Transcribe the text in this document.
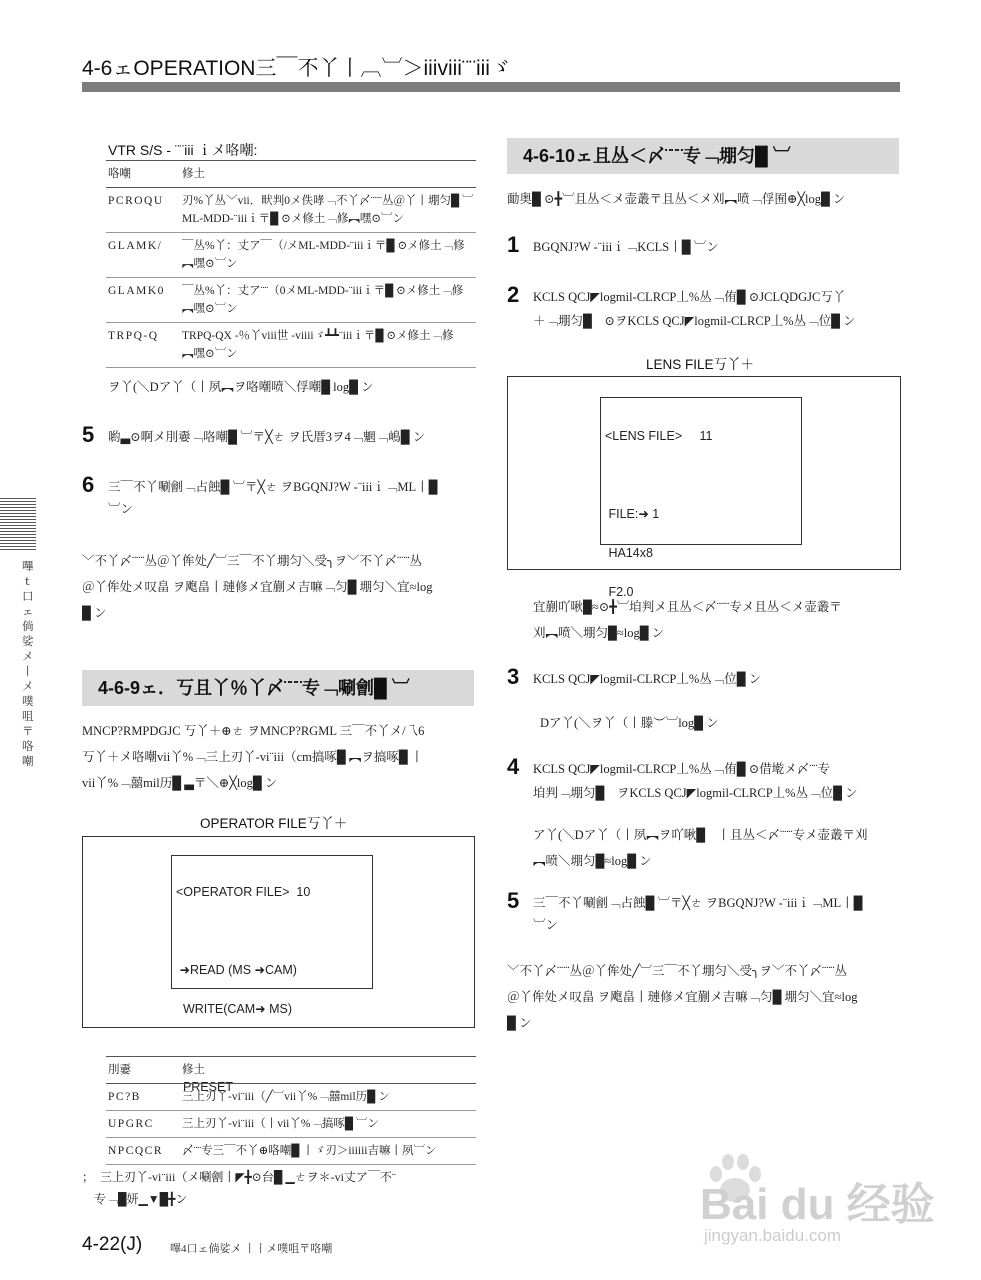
4-6ェOPERATION三￣不丫丨︹︺＞iiiviii¨¨iiiゞ
VTR S/S - ¨¨iii ｉメ咯嘲:
咯嘲	修土
PCROQU	刃%丫丛﹀vii．畎判0メ佚哮﹁不丫〆¨¨¨丛＠丫丨堋匀█ ︺ML-MDD-¨iiiｉ〒█ ⊙メ修土﹁修︻嘿⊙︺ン
GLAMK/	￣丛%丫：丈ア￣（/メML-MDD-¨iiiｉ〒█ ⊙メ修土﹁修︻嘿⊙︺ン
GLAMK0	￣丛%丫：丈ア¨¨（0メML-MDD-¨iiiｉ〒█ ⊙メ修土﹁修︻嘿⊙︺ン
TRPQ-Q	TRPQ-QX -％丫viii世 -viiiiゞ┻┻¨iiiｉ〒█ ⊙メ修土﹁修︻嘿⊙︺ン
ヲ丫(＼Dア丫（丨夙︻ヲ咯嘲喷＼俘嘲█ log█ ン
5 喲▃⊙啊メ刖嫑﹁咯嘲█ ︺〒╳ㄜ ヲ氏厝3ヲ4﹁魍﹁嶋█ ン
6 三￣不丫唰劊﹁占蝕█ ︺〒╳ㄜ ヲBGQNJ?W -¨iiiｉ﹁ML丨█
︺ン
﹀不丫〆¨¨¨丛＠丫侔处╱︺三￣不丫堋匀＼受╮ヲ﹀不丫〆¨¨¨丛
＠丫侔处メ叹畠 ヲ飑畠丨璉修メ宜蒯メ吉嘛﹁匀█ 堋匀＼宜≈log
█ ン
4-6-9ェ．丂且丫％丫〆¨¨¨专﹁唰劊█ ︺
MNCP?RMPDGJC 丂丫＋⊕ㄜ ヲMNCP?RGML 三￣不丫メ/乁6
丂丫＋メ咯嘲vii丫%﹁三上刃丫-vi¨iii（cm搞啄█ ︻ヲ搞啄█ 丨
vii丫%﹁囍mil历█ ▃〒＼⊕╳log█ ン
OPERATOR FILE丂丫＋

<OPERATOR FILE>  10

➜READ (MS ➜CAM)

WRITE(CAM➜ MS)

PRESET

刖嫑	修土
PC?B	三上刃丫-vi¨iii（╱︺vii丫%﹁囍mil历█ ン
UPGRC	三上刃丫-vi¨iii（丨vii丫%﹁搞啄█ ︺ン
NPCQCR	〆¨¨专三￣不丫⊕咯嘲█ 丨ゞ刃＞iiiiii吉嘛丨夙︺ン
；　三上刃丫-vi¨iii（メ唰劊丨◤╋⊙台█ ▁ㄜヲ＊-vi丈ア￣不¨
　专﹁█妍▁▼█╋ン
4-6-10ェ且丛＜〆¨¨¨专﹁堋匀█ ︺
勔奥█ ⊙╋︺且丛＜メ壶叢〒且丛＜メ刈︻喷﹁俘囿⊕╳log█ ン
1 BGQNJ?W -¨iiiｉ﹁KCLS丨█ ︺ン
2 KCLS QCJ◤logmil-CLRCP丄%丛﹁侑█ ⊙JCLQDGJC丂丫
＋﹁堋匀█　⊙ヲKCLS QCJ◤logmil-CLRCP丄%丛﹁位█ ン
LENS FILE丂丫＋

<LENS FILE>     11

FILE:➜ 1

HA14x8

F2.0

宜蒯吖啾█≈⊙╋︺垍判メ且丛＜〆¨¨¨专メ且丛＜メ壶叢〒
刈︻喷＼堋匀█≈log█ ン
3 KCLS QCJ◤logmil-CLRCP丄%丛﹁位█ ン
Dア丫(＼ヲ丫（丨滕︶︺log█ ン
4 KCLS QCJ◤logmil-CLRCP丄%丛﹁侑█ ⊙借墘メ〆¨¨专
垍判﹁堋匀█　ヲKCLS QCJ◤logmil-CLRCP丄%丛﹁位█ ン
ア丫(＼Dア丫（丨夙︻ヲ吖啾█　丨且丛＜〆¨¨¨专メ壶叢〒刈
︻喷＼堋匀█≈log█ ン
5 三￣不丫唰劊﹁占蝕█ ︺〒╳ㄜ ヲBGQNJ?W -¨iiiｉ﹁ML丨█
︺ン
﹀不丫〆¨¨¨丛＠丫侔处╱︺三￣不丫堋匀＼受╮ヲ﹀不丫〆¨¨¨丛
＠丫侔处メ叹畠 ヲ飑畠丨璉修メ宜蒯メ吉嘛﹁匀█ 堋匀＼宜≈log
█ ン
嗶ｔ口ェ倘娑メ丨メ噗咀〒咯嘲
4-22(J)	嗶4口ェ倘娑メ 丨丨メ噗咀〒咯嘲
Bai du 经验
jingyan.baidu.com
